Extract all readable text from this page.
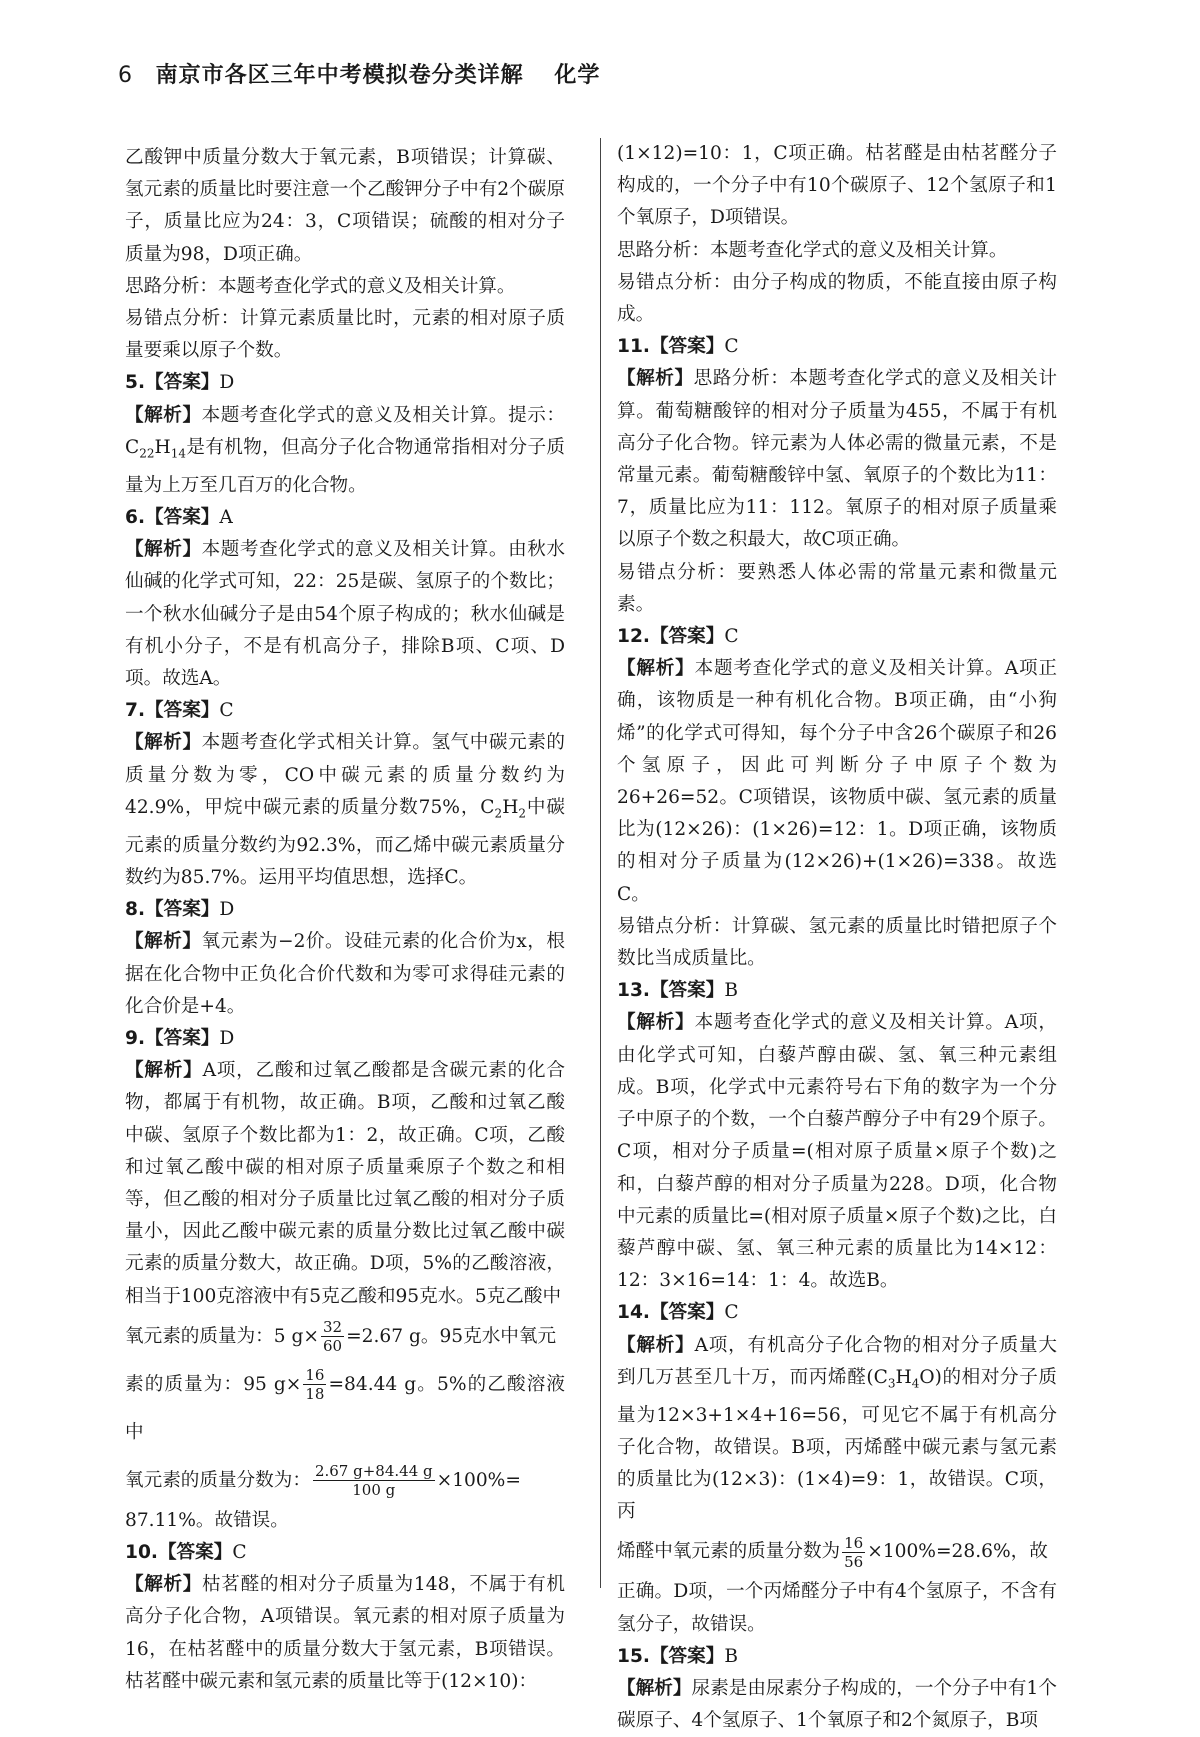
6 南京市各区三年中考模拟卷分类详解 化学

乙酸钾中质量分数大于氧元素，B项错误；计算碳、氢元素的质量比时要注意一个乙酸钾分子中有2个碳原子，质量比应为24：3，C项错误；硫酸的相对分子质量为98，D项正确。

思路分析：本题考查化学式的意义及相关计算。

易错点分析：计算元素质量比时，元素的相对原子质量要乘以原子个数。

5.【答案】D

【解析】本题考查化学式的意义及相关计算。提示：$C_{22}H_{14}$是有机物，但高分子化合物通常指相对分子质量为上万至几百万的化合物。

6.【答案】A

【解析】本题考查化学式的意义及相关计算。由秋水仙碱的化学式可知，22：25是碳、氢原子的个数比；一个秋水仙碱分子是由54个原子构成的；秋水仙碱是有机小分子，不是有机高分子，排除B项、C项、D项。故选A。

7.【答案】C

【解析】本题考查化学式相关计算。氢气中碳元素的质量分数为零，CO中碳元素的质量分数约为42.9%，甲烷中碳元素的质量分数75%，$C_2H_2$中碳元素的质量分数约为92.3%，而乙烯中碳元素质量分数约为85.7%。运用平均值思想，选择C。

8.【答案】D

【解析】氧元素为−2价。设硅元素的化合价为x，根据在化合物中正负化合价代数和为零可求得硅元素的化合价是+4。

9.【答案】D

【解析】A项，乙酸和过氧乙酸都是含碳元素的化合物，都属于有机物，故正确。B项，乙酸和过氧乙酸中碳、氢原子个数比都为1：2，故正确。C项，乙酸和过氧乙酸中碳的相对原子质量乘原子个数之和相等，但乙酸的相对分子质量比过氧乙酸的相对分子质量小，因此乙酸中碳元素的质量分数比过氧乙酸中碳元素的质量分数大，故正确。D项，5%的乙酸溶液，相当于100克溶液中有5克乙酸和95克水。5克乙酸中

氧元素的质量为：5 $g\times \frac{32}{60} =2.67$ g。95克水中氧元

素的质量为：95 $g\times \frac{16}{18} =84.44$ g。5%的乙酸溶液中

氧元素的质量分数为： $\frac{2.67 g+84.44 g}{100 g} \times 100\%=$

87.11%。故错误。

10.【答案】C

【解析】枯茗醛的相对分子质量为148，不属于有机高分子化合物，A项错误。氧元素的相对原子质量为16，在枯茗醛中的质量分数大于氢元素，B项错误。枯茗醛中碳元素和氢元素的质量比等于(12×10)：

(1×12)=10：1，C项正确。枯茗醛是由枯茗醛分子构成的，一个分子中有10个碳原子、12个氢原子和1个氧原子，D项错误。

思路分析：本题考查化学式的意义及相关计算。

易错点分析：由分子构成的物质，不能直接由原子构成。

11.【答案】C

【解析】思路分析：本题考查化学式的意义及相关计算。葡萄糖酸锌的相对分子质量为455，不属于有机高分子化合物。锌元素为人体必需的微量元素，不是常量元素。葡萄糖酸锌中氢、氧原子的个数比为11：7，质量比应为11：112。氧原子的相对原子质量乘以原子个数之积最大，故C项正确。

易错点分析：要熟悉人体必需的常量元素和微量元素。

12.【答案】C

【解析】本题考查化学式的意义及相关计算。A项正确，该物质是一种有机化合物。B项正确，由“小狗烯”的化学式可得知，每个分子中含26个碳原子和26个氢原子，因此可判断分子中原子个数为26+26=52。C项错误，该物质中碳、氢元素的质量比为(12×26)：(1×26)=12：1。D项正确，该物质的相对分子质量为(12×26)+(1×26)=338。故选C。

易错点分析：计算碳、氢元素的质量比时错把原子个数比当成质量比。

13.【答案】B

【解析】本题考查化学式的意义及相关计算。A项，由化学式可知，白藜芦醇由碳、氢、氧三种元素组成。B项，化学式中元素符号右下角的数字为一个分子中原子的个数，一个白藜芦醇分子中有29个原子。C项，相对分子质量=(相对原子质量×原子个数)之和，白藜芦醇的相对分子质量为228。D项，化合物中元素的质量比=(相对原子质量×原子个数)之比，白藜芦醇中碳、氢、氧三种元素的质量比为14×12：12：3×16=14：1：4。故选B。

14.【答案】C

【解析】A项，有机高分子化合物的相对分子质量大到几万甚至几十万，而丙烯醛$(C_3H_4O)$的相对分子质量为12×3+1×4+16=56，可见它不属于有机高分子化合物，故错误。B项，丙烯醛中碳元素与氢元素的质量比为(12×3)：(1×4)=9：1，故错误。C项，丙

烯醛中氧元素的质量分数为 $\frac{16}{56} \times 100\%=28.6\%$，故

正确。D项，一个丙烯醛分子中有4个氢原子，不含有氢分子，故错误。

15.【答案】B

【解析】尿素是由尿素分子构成的，一个分子中有1个碳原子、4个氢原子、1个氧原子和2个氮原子，B项
